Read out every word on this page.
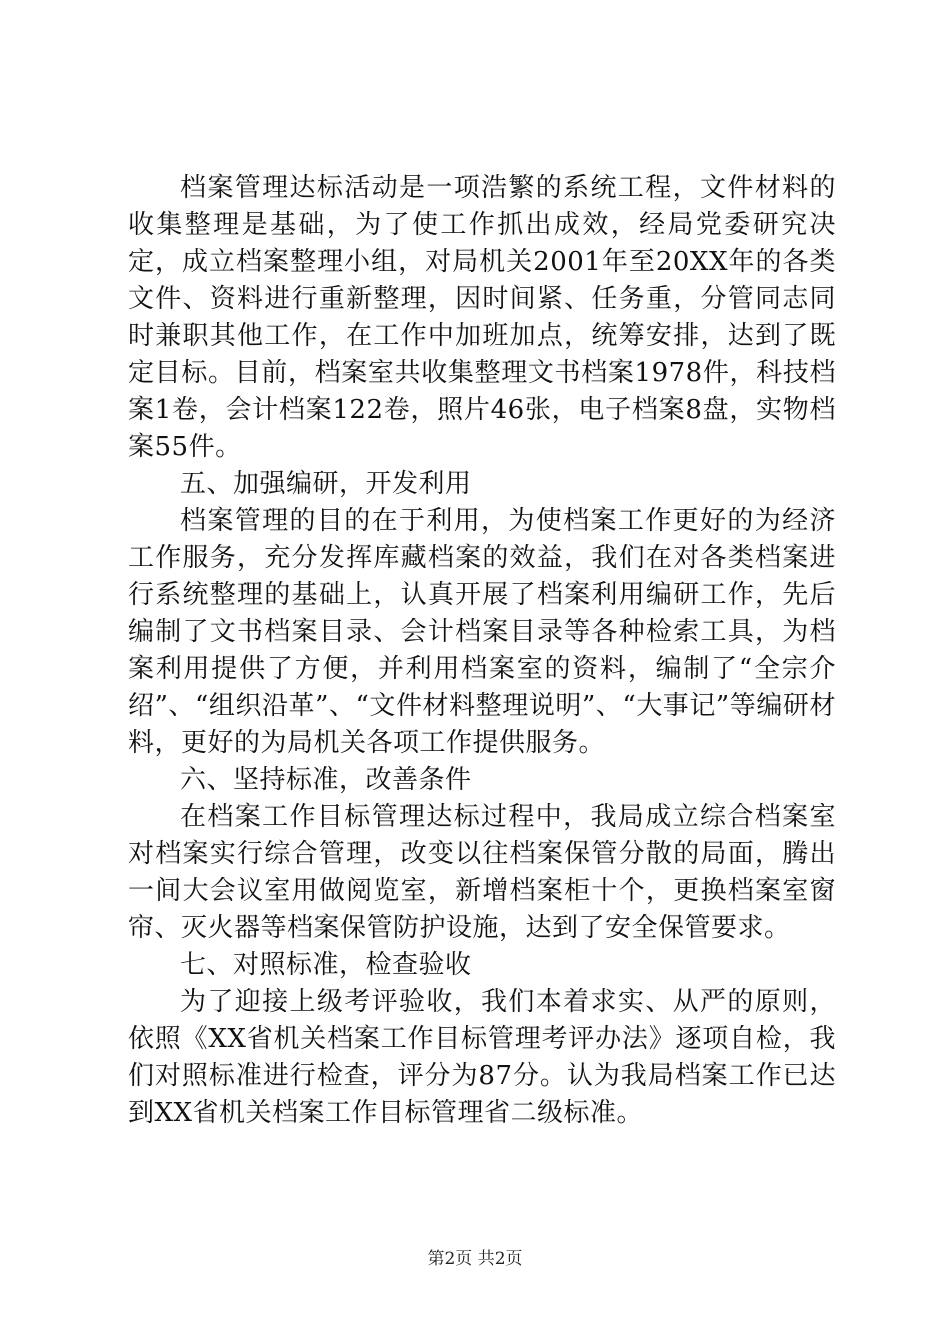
档案管理达标活动是一项浩繁的系统工程，文件材料的收集整理是基础，为了使工作抓出成效，经局党委研究决定，成立档案整理小组，对局机关2001年至20XX年的各类文件、资料进行重新整理，因时间紧、任务重，分管同志同时兼职其他工作，在工作中加班加点，统筹安排，达到了既定目标。目前，档案室共收集整理文书档案1978件，科技档案1卷，会计档案122卷，照片46张，电子档案8盘，实物档案55件。

五、加强编研，开发利用

档案管理的目的在于利用，为使档案工作更好的为经济工作服务，充分发挥库藏档案的效益，我们在对各类档案进行系统整理的基础上，认真开展了档案利用编研工作，先后编制了文书档案目录、会计档案目录等各种检索工具，为档案利用提供了方便，并利用档案室的资料，编制了“全宗介绍”、“组织沿革”、“文件材料整理说明”、“大事记”等编研材料，更好的为局机关各项工作提供服务。

六、坚持标准，改善条件

在档案工作目标管理达标过程中，我局成立综合档案室对档案实行综合管理，改变以往档案保管分散的局面，腾出一间大会议室用做阅览室，新增档案柜十个，更换档案室窗帘、灭火器等档案保管防护设施，达到了安全保管要求。

七、对照标准，检查验收

为了迎接上级考评验收，我们本着求实、从严的原则，依照《XX省机关档案工作目标管理考评办法》逐项自检，我们对照标准进行检查，评分为87分。认为我局档案工作已达到XX省机关档案工作目标管理省二级标准。

第2页 共2页
